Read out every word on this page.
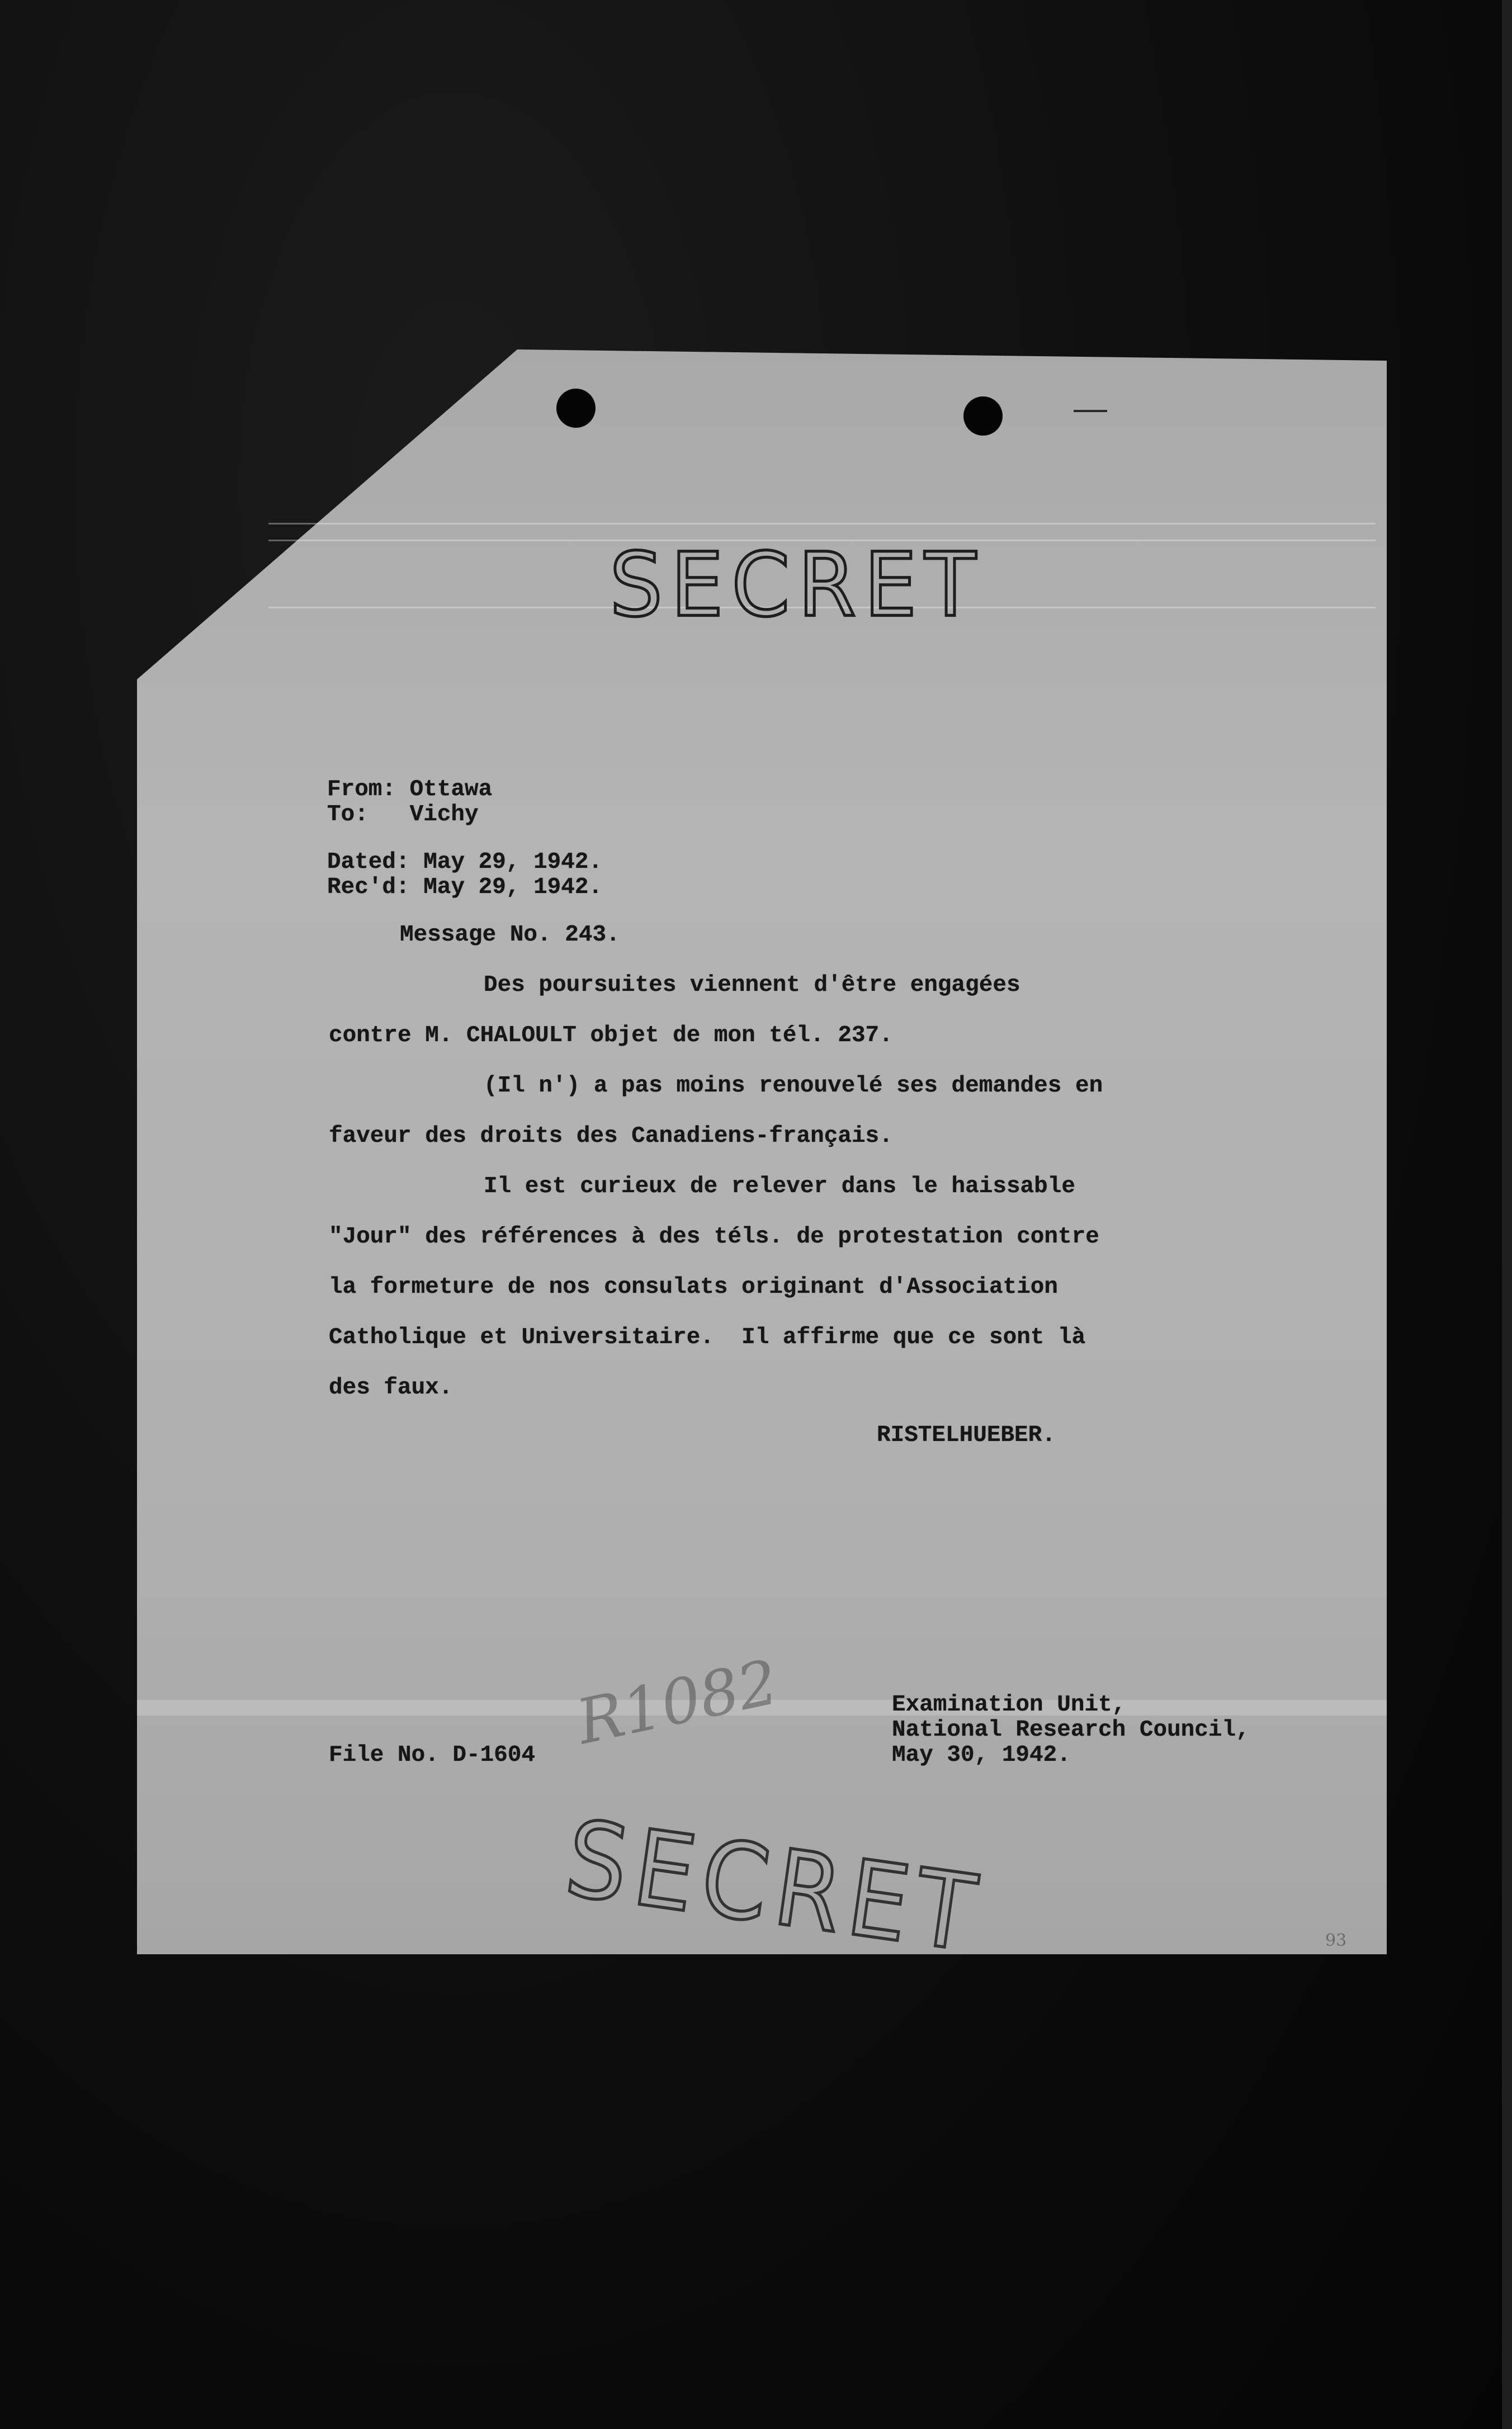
SECRET
From: Ottawa
To: Vichy
Dated: May 29, 1942.
Rec'd: May 29, 1942.
Message No. 243.
Des poursuites viennent d'être engagées
contre M. CHALOULT objet de mon tél. 237.
(Il n') a pas moins renouvelé ses demandes en
faveur des droits des Canadiens-français.
Il est curieux de relever dans le haissable
"Jour" des références à des téls. de protestation contre
la formeture de nos consulats originant d'Association
Catholique et Universitaire.  Il affirme que ce sont là
des faux.
RISTELHUEBER.
R1082	Examination Unit,
National Research Council,
May 30, 1942.
File No. D-1604
SECRET	93
